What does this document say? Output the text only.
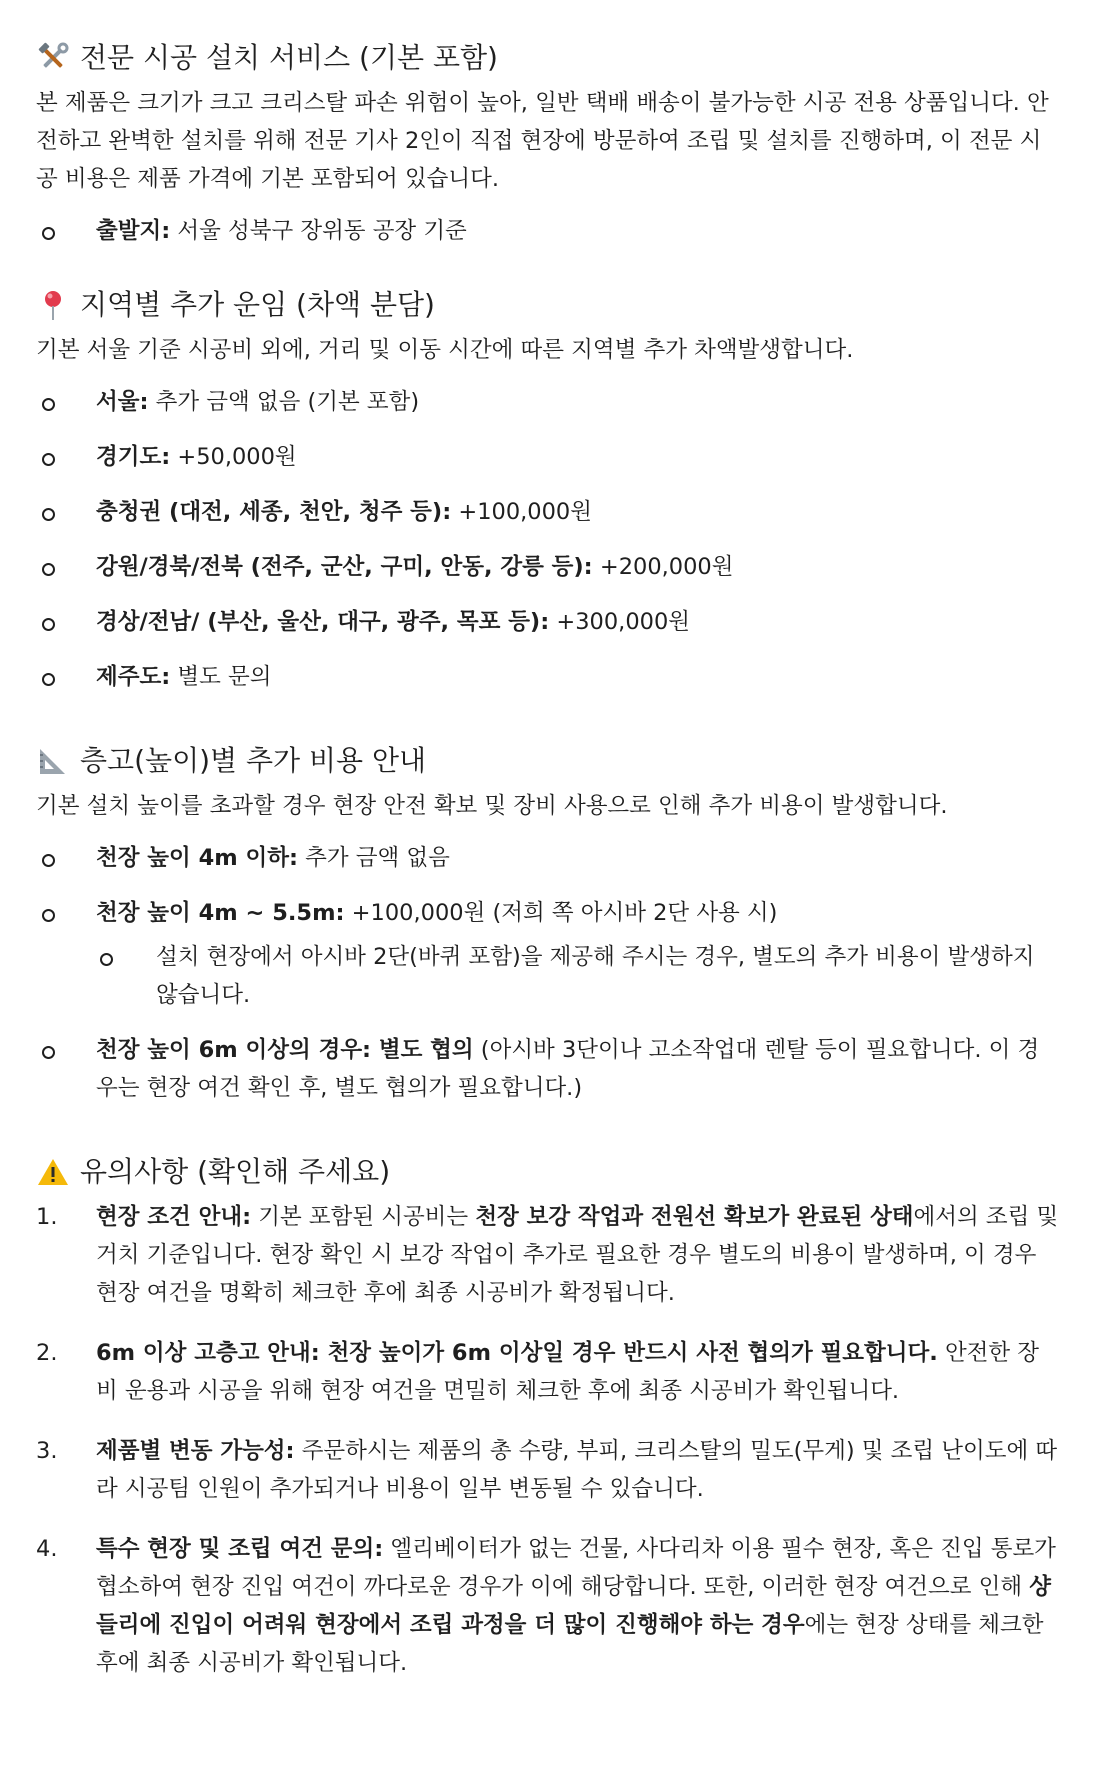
전문 시공 설치 서비스 (기본 포함)

본 제품은 크기가 크고 크리스탈 파손 위험이 높아, 일반 택배 배송이 불가능한 시공 전용 상품입니다. 안전하고 완벽한 설치를 위해 전문 기사 2인이 직접 현장에 방문하여 조립 및 설치를 진행하며, 이 전문 시공 비용은 제품 가격에 기본 포함되어 있습니다.

출발지: 서울 성북구 장위동 공장 기준
지역별 추가 운임 (차액 분담)

기본 서울 기준 시공비 외에, 거리 및 이동 시간에 따른 지역별 추가 차액발생합니다.

서울: 추가 금액 없음 (기본 포함)
경기도: +50,000원
충청권 (대전, 세종, 천안, 청주 등): +100,000원
강원/경북/전북 (전주, 군산, 구미, 안동, 강릉 등): +200,000원
경상/전남/ (부산, 울산, 대구, 광주, 목포 등): +300,000원
제주도: 별도 문의
층고(높이)별 추가 비용 안내

기본 설치 높이를 초과할 경우 현장 안전 확보 및 장비 사용으로 인해 추가 비용이 발생합니다.

천장 높이 4m 이하: 추가 금액 없음
천장 높이 4m ~ 5.5m: +100,000원 (저희 쪽 아시바 2단 사용 시)
설치 현장에서 아시바 2단(바퀴 포함)을 제공해 주시는 경우, 별도의 추가 비용이 발생하지 않습니다.
천장 높이 6m 이상의 경우: 별도 협의 (아시바 3단이나 고소작업대 렌탈 등이 필요합니다. 이 경우는 현장 여건 확인 후, 별도 협의가 필요합니다.)
유의사항 (확인해 주세요)
1. 현장 조건 안내: 기본 포함된 시공비는 천장 보강 작업과 전원선 확보가 완료된 상태에서의 조립 및 거치 기준입니다. 현장 확인 시 보강 작업이 추가로 필요한 경우 별도의 비용이 발생하며, 이 경우 현장 여건을 명확히 체크한 후에 최종 시공비가 확정됩니다.
2. 6m 이상 고층고 안내: 천장 높이가 6m 이상일 경우 반드시 사전 협의가 필요합니다. 안전한 장비 운용과 시공을 위해 현장 여건을 면밀히 체크한 후에 최종 시공비가 확인됩니다.
3. 제품별 변동 가능성: 주문하시는 제품의 총 수량, 부피, 크리스탈의 밀도(무게) 및 조립 난이도에 따라 시공팀 인원이 추가되거나 비용이 일부 변동될 수 있습니다.
4. 특수 현장 및 조립 여건 문의: 엘리베이터가 없는 건물, 사다리차 이용 필수 현장, 혹은 진입 통로가 협소하여 현장 진입 여건이 까다로운 경우가 이에 해당합니다. 또한, 이러한 현장 여건으로 인해 샹들리에 진입이 어려워 현장에서 조립 과정을 더 많이 진행해야 하는 경우에는 현장 상태를 체크한 후에 최종 시공비가 확인됩니다.
